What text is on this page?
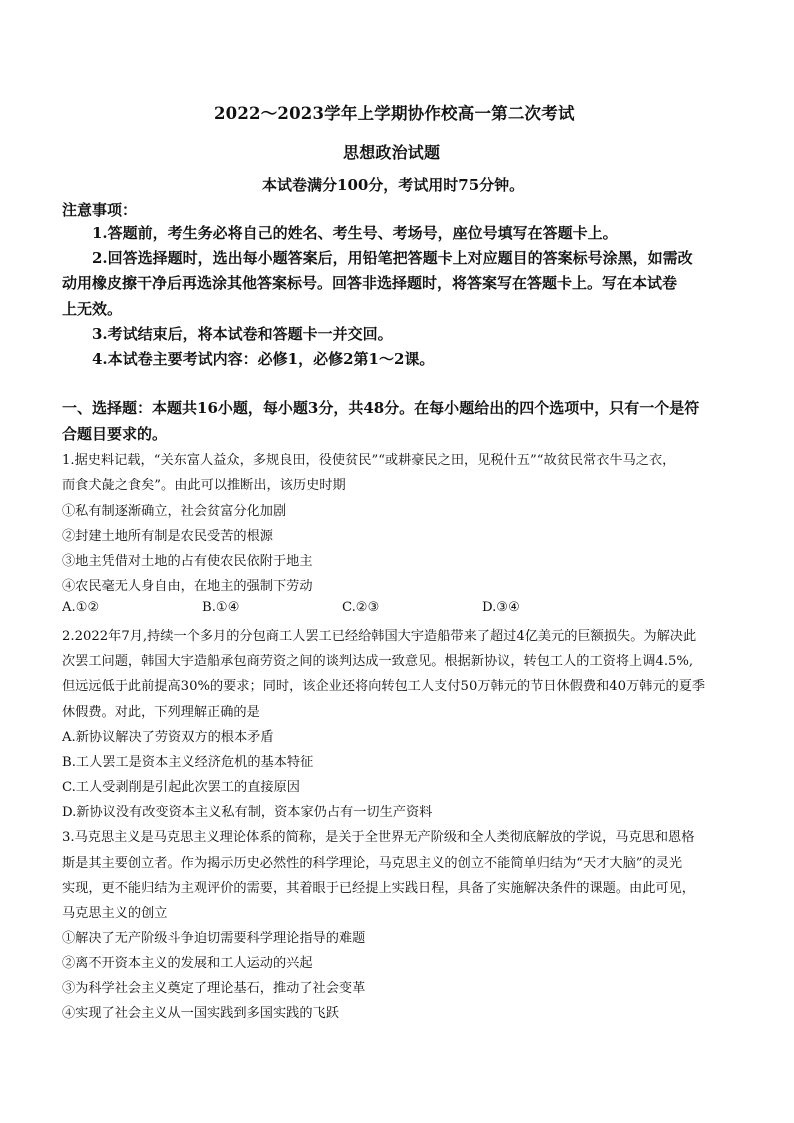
2022～2023学年上学期协作校高一第二次考试
思想政治试题
本试卷满分100分，考试用时75分钟。
注意事项：
1.答题前，考生务必将自己的姓名、考生号、考场号，座位号填写在答题卡上。
2.回答选择题时，选出每小题答案后，用铅笔把答题卡上对应题目的答案标号涂黑，如需改
动用橡皮擦干净后再选涂其他答案标号。回答非选择题时，将答案写在答题卡上。写在本试卷
上无效。
3.考试结束后，将本试卷和答题卡一并交回。
4.本试卷主要考试内容：必修1，必修2第1～2课。
一、选择题：本题共16小题，每小题3分，共48分。在每小题给出的四个选项中，只有一个是符
合题目要求的。
1.据史料记载，“关东富人益众，多规良田，役使贫民”“或耕豪民之田，见税什五”“故贫民常衣牛马之衣，
而食犬彘之食矣”。由此可以推断出，该历史时期
①私有制逐渐确立，社会贫富分化加剧
②封建土地所有制是农民受苦的根源
③地主凭借对土地的占有使农民依附于地主
④农民毫无人身自由，在地主的强制下劳动
A.①②	B.①④	C.②③	D.③④
2.2022年7月,持续一个多月的分包商工人罢工已经给韩国大宇造船带来了超过4亿美元的巨额损失。为解决此
次罢工问题，韩国大宇造船承包商劳资之间的谈判达成一致意见。根据新协议，转包工人的工资将上调4.5%,
但远远低于此前提高30%的要求；同时，该企业还将向转包工人支付50万韩元的节日休假费和40万韩元的夏季
休假费。对此，下列理解正确的是
A.新协议解决了劳资双方的根本矛盾
B.工人罢工是资本主义经济危机的基本特征
C.工人受剥削是引起此次罢工的直接原因
D.新协议没有改变资本主义私有制，资本家仍占有一切生产资料
3.马克思主义是马克思主义理论体系的简称，是关于全世界无产阶级和全人类彻底解放的学说，马克思和恩格
斯是其主要创立者。作为揭示历史必然性的科学理论，马克思主义的创立不能简单归结为“天才大脑”的灵光
实现，更不能归结为主观评价的需要，其着眼于已经提上实践日程，具备了实施解决条件的课题。由此可见，
马克思主义的创立
①解决了无产阶级斗争迫切需要科学理论指导的难题
②离不开资本主义的发展和工人运动的兴起
③为科学社会主义奠定了理论基石，推动了社会变革
④实现了社会主义从一国实践到多国实践的飞跃
